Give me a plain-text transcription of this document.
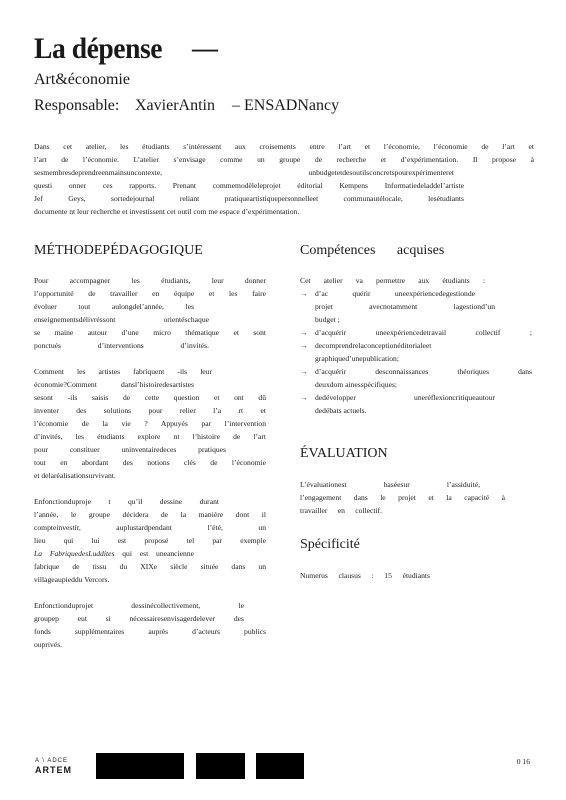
La dépense	—
Art&économie
Responsable: XavierAntin – ENSADNancy
Dans cet atelier, les étudiants s’intéressent aux croisements entre l’art et l’économie, l’économie de l’art et
l’art de l’économie. L’atelier s’envisage comme un groupe de recherche et d’expérimentation. Il propose à
sesmembresdeprendreenmainsuncontexte, unbudgetetdesoutilsconcretspourexpérimenteret
questi onner ces rapports. Prenant commemodèleleprojet éditorial Kempens InformatiedeladdeI’artiste
Jef Geys, sortedejournal reliant pratiqueartistiquepersonnelleet communautélocale, lesétudiants
documente nt leur recherche et investissent cet outil com me espace d’expérimentation.
MÉTHODEPÉDAGOGIQUE
Pour accompagner les étudiants, leur donner
l’opportunité de travailler en équipe et les faire
évoluer tout aulongdel’année, les
enseignementsdélivréssont orientéschaque
se maine autour d’une micro thématique et sont
ponctués d’interventions d’invités.
Comment les artistes fabriquent -ils leur
économie?Comment dansl’histoiredesartistes
sesont -ils saisis de cette question et ont dû
inventer des solutions pour relier l’a rt et
l’économie de la vie ? Appuyés par l’intervention
d’invités, les étudiants explore nt l’histoire de l’art
pour constituer uninventairedeces pratiques
tout en abordant des notions clés de l’économie
et delaréalisationsurvivant.
Enfonctionduproje t qu’il dessine durant
l’année, le groupe décidera de la manière dont il
compteinvestir, auplustardpendant l’été, un
lieu qui lui est proposé tel par exemple
La FabriquedesLuddites qui est uneancienne
fabrique de tissu du XIXe siècle située dans un
villageaupieddu Vercors.
Enfonctionduprojet dessinécollectivement, le
groupep eut si nécessairesenvisagerdelever des
fonds supplémentaires auprès d’acteurs publics
ouprivés.
Compétences acquises
Cet atelier va permettre aux étudiants :
→ d’ac quérir uneexpériencedegestionde
projet avecnotamment lagestiond’un
budget ;
→ d’acquérir uneexpériencedetravail collectif ;
→ decomprendrelaconceptionéditorialeet
graphiqued’unepublication;
→ d’acquérir desconnaissances théoriques dans
deuxdom ainesspécifiques;
→ dedévelopper uneréflexioncritiqueautour
dedébats actuels.
ÉVALUATION
L’évaluationest baséesur l’assiduité,
l’engagement dans le projet et la capacité à
travailler en collectif.
Spécificité
Numerus clausus : 15 étudiants
A \ ADCE
ARTEM
0 16
